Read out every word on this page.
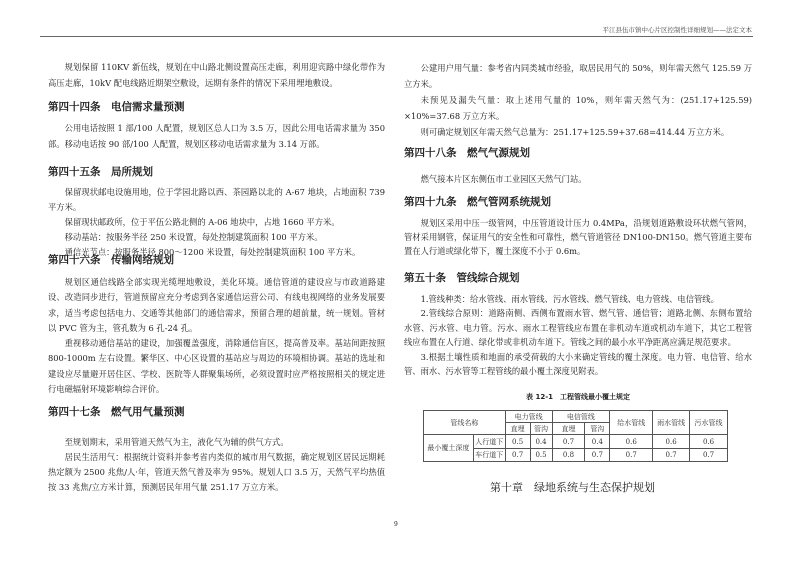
平江县伍市镇中心片区控制性详细规划——法定文本

规划保留 110KV 新伍线，规划在中山路北侧设置高压走廊，利用迎宾路中绿化带作为高压走廊，10kV 配电线路近期架空敷设，远期有条件的情况下采用埋地敷设。

第四十四条　电信需求量预测

公用电话按照 1 部/100 人配置，规划区总人口为 3.5 万，因此公用电话需求量为 350 部。移动电话按 90 部/100 人配置，规划区移动电话需求量为 3.14 万部。

第四十五条　局所规划

保留现状邮电设施用地，位于学园北路以西、茶园路以北的 A-67 地块，占地面积 739 平方米。

保留现状邮政所，位于平伍公路北侧的 A-06 地块中，占地 1660 平方米。

移动基站：按服务半径 250 米设置，每处控制建筑面积 100 平方米。

通信光节点：按服务半径 800～1200 米设置，每处控制建筑面积 100 平方米。

第四十六条　传输网络规划

规划区通信线路全部实现光缆埋地敷设，美化环境。通信管道的建设应与市政道路建设、改造同步进行，管道预留应充分考虑到各家通信运营公司、有线电视网络的业务发展要求，适当考虑包括电力、交通等其他部门的通信需求，预留合理的超前量，统一规划。管材以 PVC 管为主，管孔数为 6 孔-24 孔。

重视移动通信基站的建设，加强覆盖强度，消除通信盲区，提高普及率。基站间距按照 800-1000m 左右设置。繁华区、中心区设置的基站应与周边的环境相协调。基站的选址和建设应尽量避开居住区、学校、医院等人群聚集场所，必须设置时应严格按照相关的规定进行电磁辐射环境影响综合评价。

第四十七条　燃气用气量预测

至规划期末，采用管道天然气为主，液化气为辅的供气方式。

居民生活用气：根据统计资料并参考省内类似的城市用气数据，确定规划区居民远期耗热定额为 2500 兆焦/人·年，管道天然气普及率为 95%。规划人口 3.5 万，天然气平均热值按 33 兆焦/立方米计算，预测居民年用气量 251.17 万立方米。

公建用户用气量：参考省内同类城市经验，取居民用气的 50%，则年需天然气 125.59 万立方米。

未预见及漏失气量：取上述用气量的 10%，则年需天然气为：(251.17+125.59) ×10%=37.68 万立方米。

则可确定规划区年需天然气总量为：251.17+125.59+37.68=414.44 万立方米。

第四十八条　燃气气源规划

燃气接本片区东侧伍市工业园区天然气门站。

第四十九条　燃气管网系统规划

规划区采用中压一级管网，中压管道设计压力 0.4MPa，沿规划道路敷设环状燃气管网，管材采用钢管，保证用气的安全性和可靠性，燃气管道管径 DN100-DN150。燃气管道主要布置在人行道或绿化带下，覆土深度不小于 0.6m。

第五十条　管线综合规划

1.管线种类：给水管线、雨水管线、污水管线、燃气管线、电力管线、电信管线。

2.管线综合原则：道路南侧、西侧布置雨水管、燃气管、通信管；道路北侧、东侧布置给水管、污水管、电力管。污水、雨水工程管线应布置在非机动车道或机动车道下，其它工程管线应布置在人行道、绿化带或非机动车道下。管线之间的最小水平净距离应满足规范要求。

3.根据土壤性质和地面的承受荷载的大小来确定管线的覆土深度。电力管、电信管、给水管、雨水、污水管等工程管线的最小覆土深度见附表。

表 12-1　工程管线最小覆土规定
管线名称		电力管线		电信管线		给水管线	雨水管线	污水管线
		直埋	管沟	直埋	管沟			
最小覆土深度	人行道下	0.5	0.4	0.7	0.4	0.6	0.6	0.6
	车行道下	0.7	0.5	0.8	0.7	0.7	0.7	0.7
第十章　绿地系统与生态保护规划
9
